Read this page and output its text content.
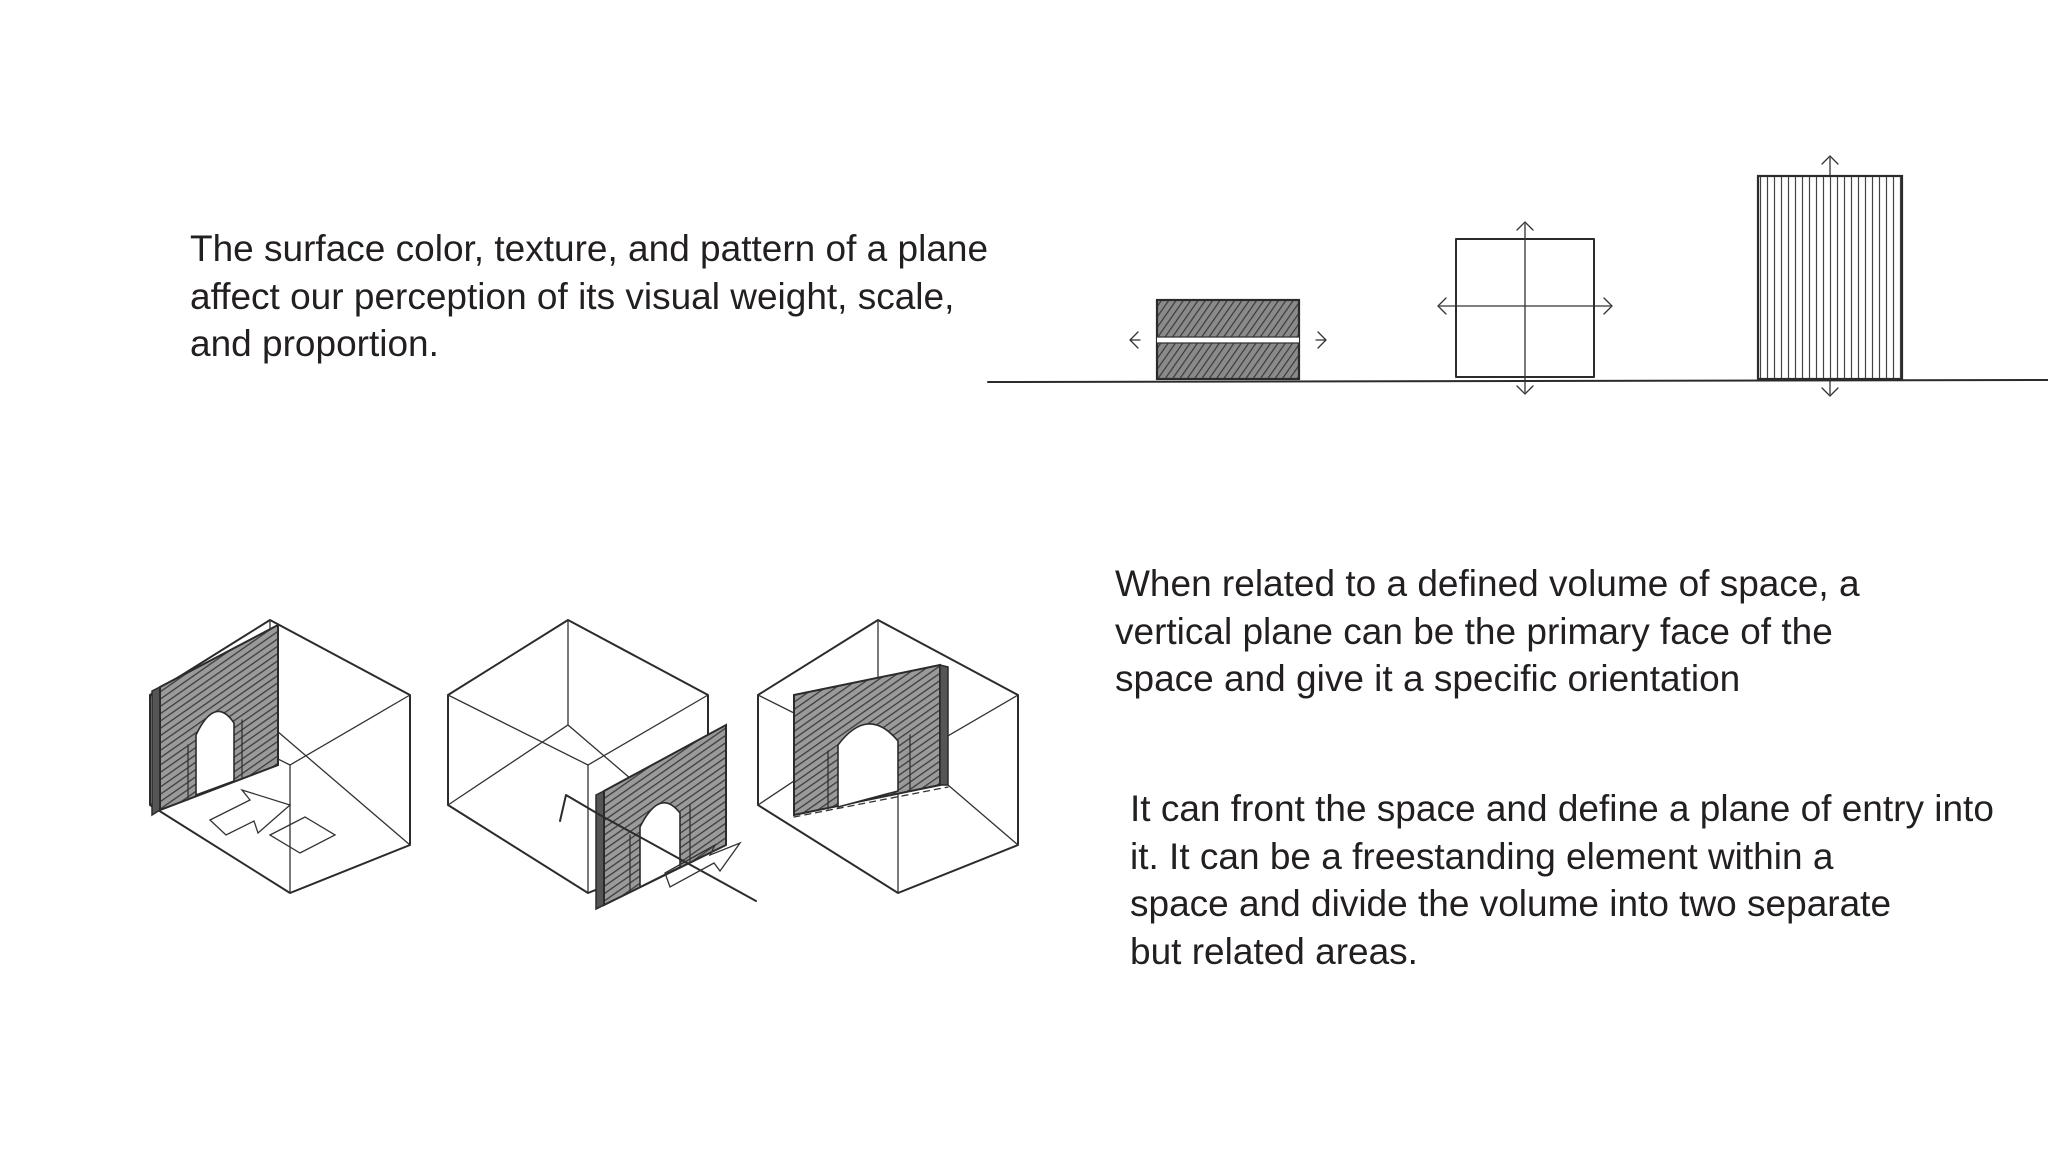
The surface color, texture, and pattern of a plane
affect our perception of its visual weight, scale,
and proportion.
When related to a defined volume of space, a
vertical plane can be the primary face of the
space and give it a specific orientation
It can front the space and define a plane of entry into
it. It can be a freestanding element within a
space and divide the volume into two separate
but related areas.
